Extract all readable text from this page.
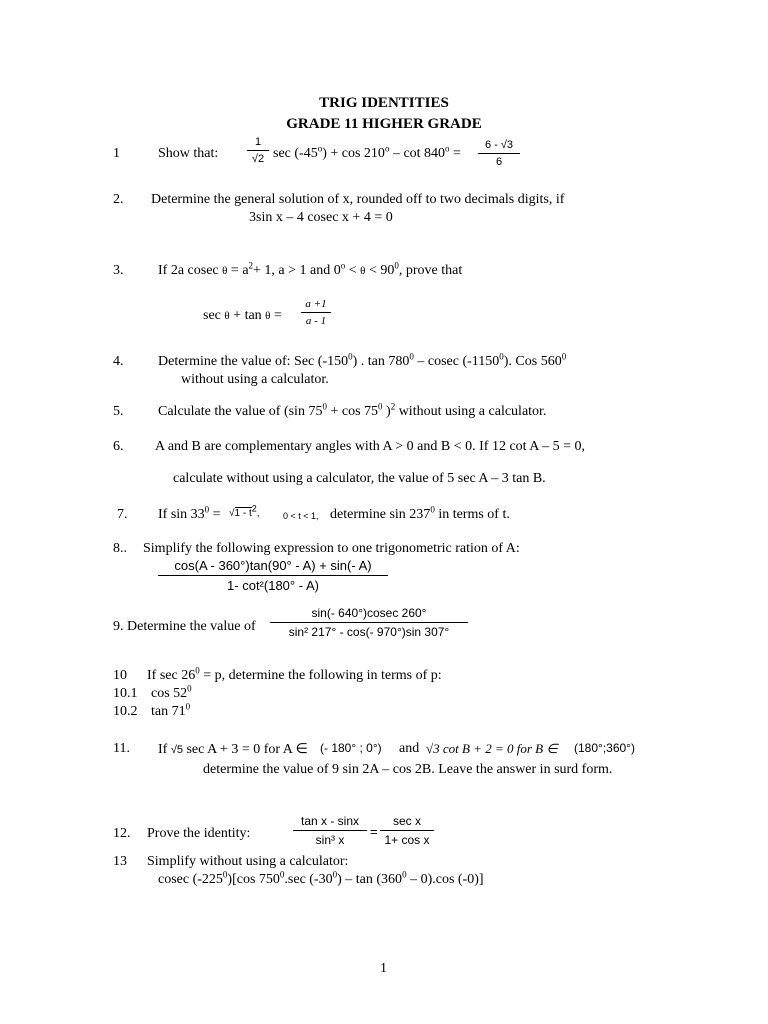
TRIG IDENTITIES
GRADE 11 HIGHER GRADE
1	Show that:
1
√2 $\sec (-45^o) + \cos 210^o - \cot 840^o$ =
6 - √3
6
2. Determine the general solution of x, rounded off to two decimals digits, if
3sin x – 4 cosec x + 4 = 0
3. If 2a cosec $\theta = a^2+ 1$, a > 1 and $0^o < \theta < 90^0$, prove that
sec θ + tan θ =
a +1
a - 1
4. Determine the value of: Sec $(-150^0)$ . $\tan 780^0$ – cosec (-1150$^0$). Cos $560^0$
without using a calculator.
5. Calculate the value of (sin $75^0 + \cos 75^0$ )$^2$ without using a calculator.
6. A and B are complementary angles with A > 0 and B < 0. If 12 cot A – 5 = 0,
calculate without using a calculator, the value of 5 sec A – 3 tan B.
7. If $\sin 33^0 = √1 - t^2$,	0 < t < 1, determine $\sin 237^0$ in terms of t.
8.. Simplify the following expression to one trigonometric ration of A:
cos(A - 360°)tan(90° - A) + sin(- A)
1- cot²(180° - A)
9. Determine the value of
sin(- 640°)cosec 260°
sin² 217° - cos(- 970°)sin 307°
10 If $\sec 26^0 = p$, determine the following in terms of p:
10.1 $\cos 52^0$
10.2 $\tan 71^0$
11. If √5 sec A + 3 = 0 for A ∈ (- 180° ; 0°) and √3 cot B + 2 = 0 for B ∈ (180°;360°)
determine the value of 9 sin 2A – cos 2B. Leave the answer in surd form.
12. Prove the identity:
tan x - sinx
sin³ x
=
sec x
1+ cos x
13 Simplify without using a calculator:
cosec $(-225^0)[\cos$ $750^0.\sec$ $(-30^0)$ – $\tan (360^0 - 0).\cos$ (-0)]
1
